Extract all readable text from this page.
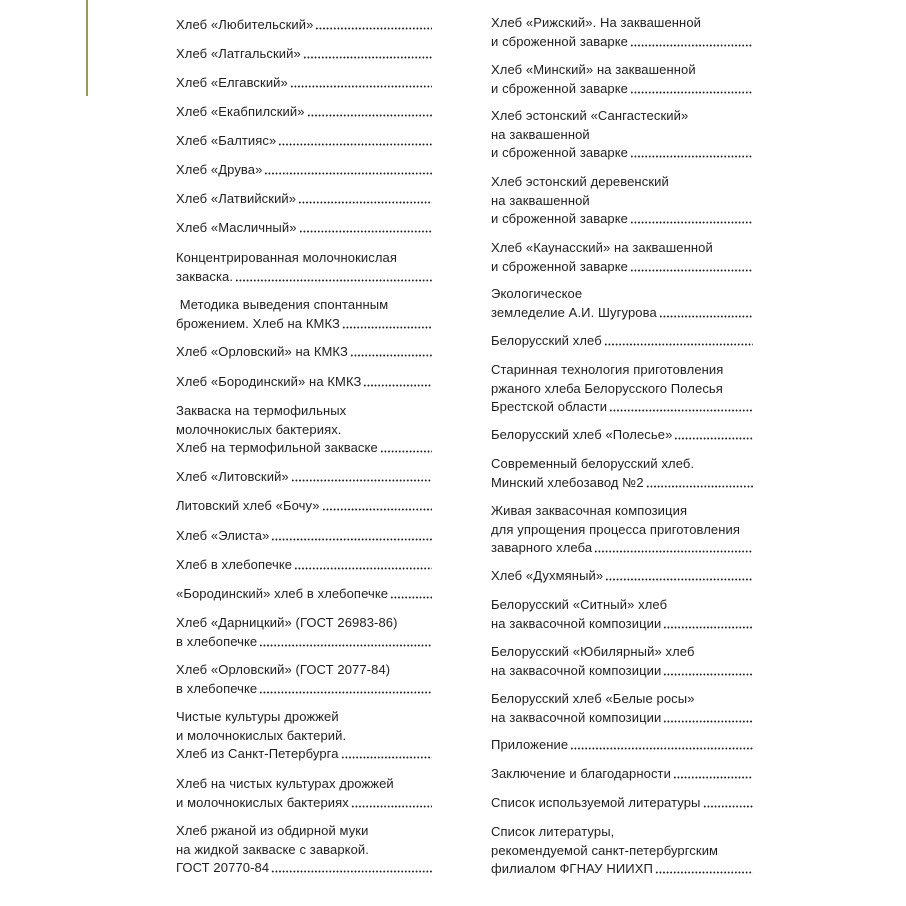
Хлеб «Любительский»
Хлеб «Латгальский»
Хлеб «Елгавский»
Хлеб «Екабпилский»
Хлеб «Балтияс»
Хлеб «Друва»
Хлеб «Латвийский»
Хлеб «Масличный»
Концентрированная молочнокислая
закваска.
Методика выведения спонтанным
брожением. Хлеб на КМКЗ
Хлеб «Орловский» на КМКЗ
Хлеб «Бородинский» на КМКЗ
Закваска на термофильных
молочнокислых бактериях.
Хлеб на термофильной закваске
Хлеб «Литовский»
Литовский хлеб «Бочу»
Хлеб «Элиста»
Хлеб в хлебопечке
«Бородинский» хлеб в хлебопечке
Хлеб «Дарницкий» (ГОСТ 26983-86)
в хлебопечке
Хлеб «Орловский» (ГОСТ 2077-84)
в хлебопечке
Чистые культуры дрожжей
и молочнокислых бактерий.
Хлеб из Санкт-Петербурга
Хлеб на чистых культурах дрожжей
и молочнокислых бактериях
Хлеб ржаной из обдирной муки
на жидкой закваске с заваркой.
ГОСТ 20770-84
Хлеб «Рижский». На заквашенной
и сброженной заварке
Хлеб «Минский» на заквашенной
и сброженной заварке
Хлеб эстонский «Сангастеский»
на заквашенной
и сброженной заварке
Хлеб эстонский деревенский
на заквашенной
и сброженной заварке
Хлеб «Каунасский» на заквашенной
и сброженной заварке
Экологическое
земледелие А.И. Шугурова
Белорусский хлеб
Старинная технология приготовления
ржаного хлеба Белорусского Полесья
Брестской области
Белорусский хлеб «Полесье»
Современный белорусский хлеб.
Минский хлебозавод №2
Живая заквасочная композиция
для упрощения процесса приготовления
заварного хлеба
Хлеб «Духмяный»
Белорусский «Ситный» хлеб
на заквасочной композиции
Белорусский «Юбилярный» хлеб
на заквасочной композиции
Белорусский хлеб «Белые росы»
на заквасочной композиции
Приложение
Заключение и благодарности
Список используемой литературы
Список литературы,
рекомендуемой санкт-петербургским
филиалом ФГНАУ НИИХП
